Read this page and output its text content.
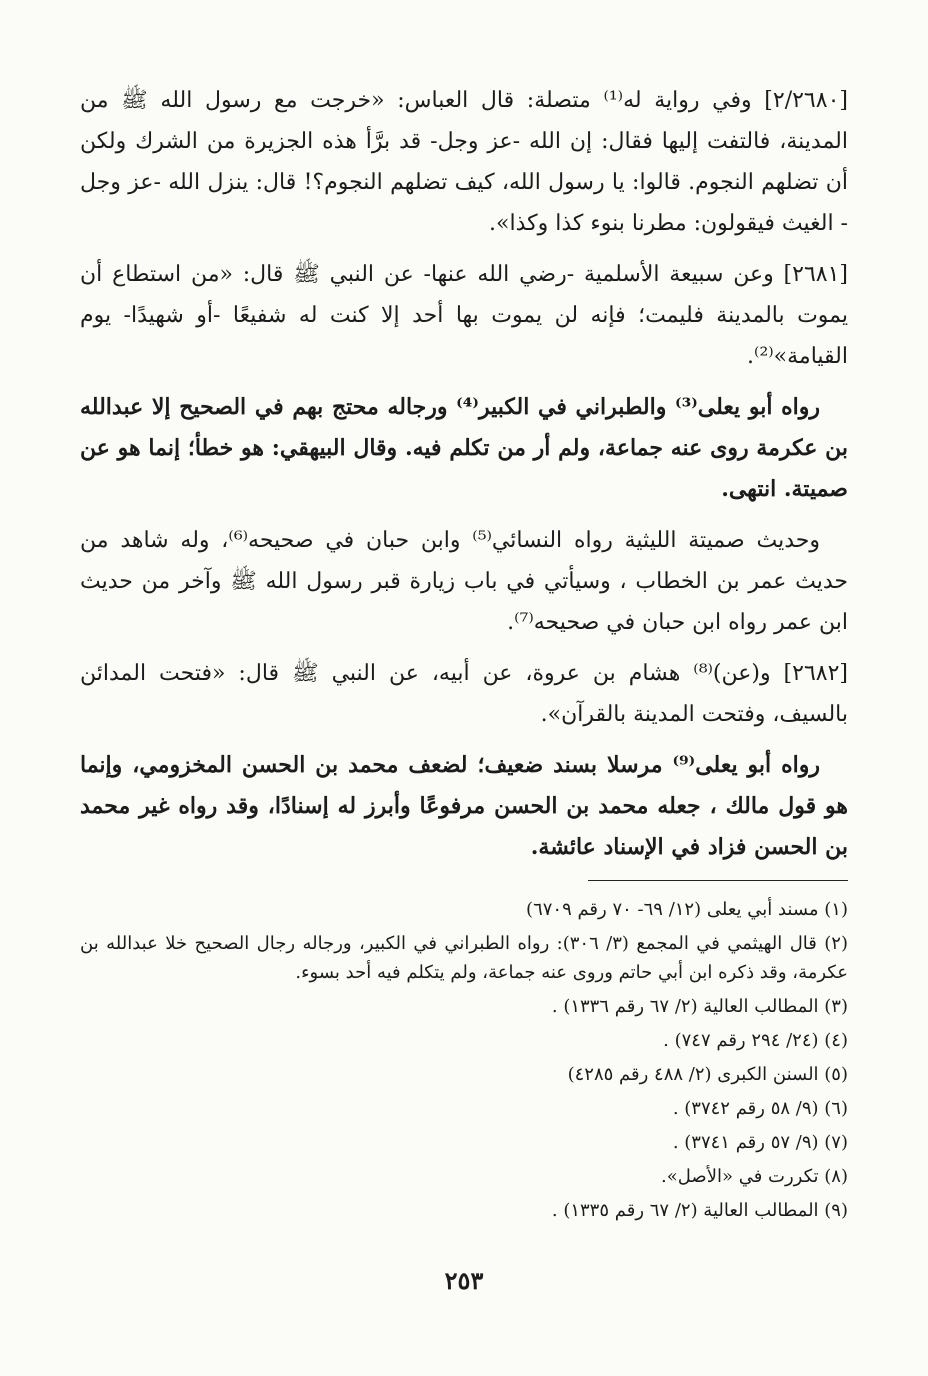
[٢/٢٦٨٠] وفي رواية له⁽¹⁾ متصلة: قال العباس: «خرجت مع رسول الله ﷺ من المدينة، فالتفت إليها فقال: إن الله -عز وجل- قد برَّأ هذه الجزيرة من الشرك ولكن أن تضلهم النجوم. قالوا: يا رسول الله، كيف تضلهم النجوم؟! قال: ينزل الله -عز وجل - الغيث فيقولون: مطرنا بنوء كذا وكذا».

[٢٦٨١] وعن سبيعة الأسلمية -رضي الله عنها- عن النبي ﷺ قال: «من استطاع أن يموت بالمدينة فليمت؛ فإنه لن يموت بها أحد إلا كنت له شفيعًا -أو شهيدًا- يوم القيامة»⁽²⁾.

رواه أبو يعلى⁽³⁾ والطبراني في الكبير⁽⁴⁾ ورجاله محتج بهم في الصحيح إلا عبدالله بن عكرمة روى عنه جماعة، ولم أر من تكلم فيه. وقال البيهقي: هو خطأ؛ إنما هو عن صميتة. انتهى.

وحديث صميتة الليثية رواه النسائي⁽⁵⁾ وابن حبان في صحيحه⁽⁶⁾، وله شاهد من حديث عمر بن الخطاب ، وسيأتي في باب زيارة قبر رسول الله ﷺ وآخر من حديث ابن عمر رواه ابن حبان في صحيحه⁽⁷⁾.

[٢٦٨٢] و(عن)⁽⁸⁾ هشام بن عروة، عن أبيه، عن النبي ﷺ قال: «فتحت المدائن بالسيف، وفتحت المدينة بالقرآن».

رواه أبو يعلى⁽⁹⁾ مرسلا بسند ضعيف؛ لضعف محمد بن الحسن المخزومي، وإنما هو قول مالك ، جعله محمد بن الحسن مرفوعًا وأبرز له إسنادًا، وقد رواه غير محمد بن الحسن فزاد في الإسناد عائشة.

(١) مسند أبي يعلى (١٢/ ٦٩- ٧٠ رقم ٦٧٠٩)
(٢) قال الهيثمي في المجمع (٣/ ٣٠٦): رواه الطبراني في الكبير، ورجاله رجال الصحيح خلا عبدالله بن عكرمة، وقد ذكره ابن أبي حاتم وروى عنه جماعة، ولم يتكلم فيه أحد بسوء.
(٣) المطالب العالية (٢/ ٦٧ رقم ١٣٣٦) .
(٤) (٢٤/ ٢٩٤ رقم ٧٤٧) .
(٥) السنن الكبرى (٢/ ٤٨٨ رقم ٤٢٨٥)
(٦) (٩/ ٥٨ رقم ٣٧٤٢) .
(٧) (٩/ ٥٧ رقم ٣٧٤١) .
(٨) تكررت في «الأصل».
(٩) المطالب العالية (٢/ ٦٧ رقم ١٣٣٥) .
٢٥٣
